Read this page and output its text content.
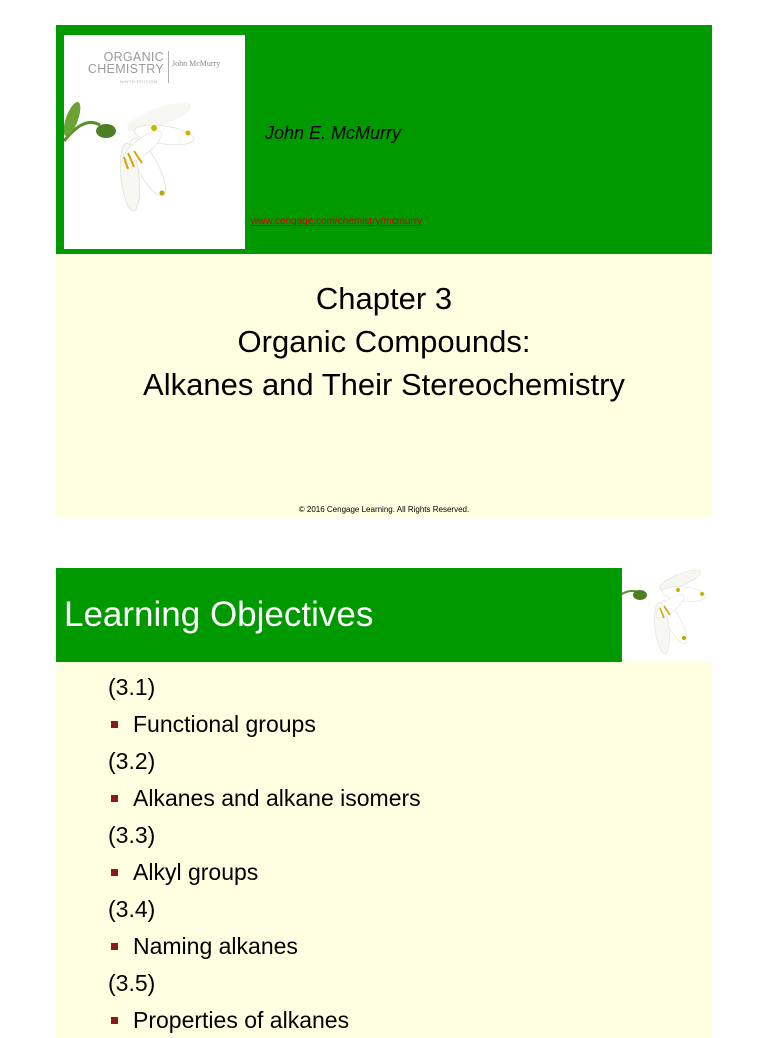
ORGANIC
CHEMISTRY John McMurry
NINTH EDITION
John E. McMurry
www.cengage.com/chemistry/mcmurry
Chapter 3
Organic Compounds:
Alkanes and Their Stereochemistry
© 2016 Cengage Learning. All Rights Reserved.
Learning Objectives
(3.1)
Functional groups
(3.2)
Alkanes and alkane isomers
(3.3)
Alkyl groups
(3.4)
Naming alkanes
(3.5)
Properties of alkanes
